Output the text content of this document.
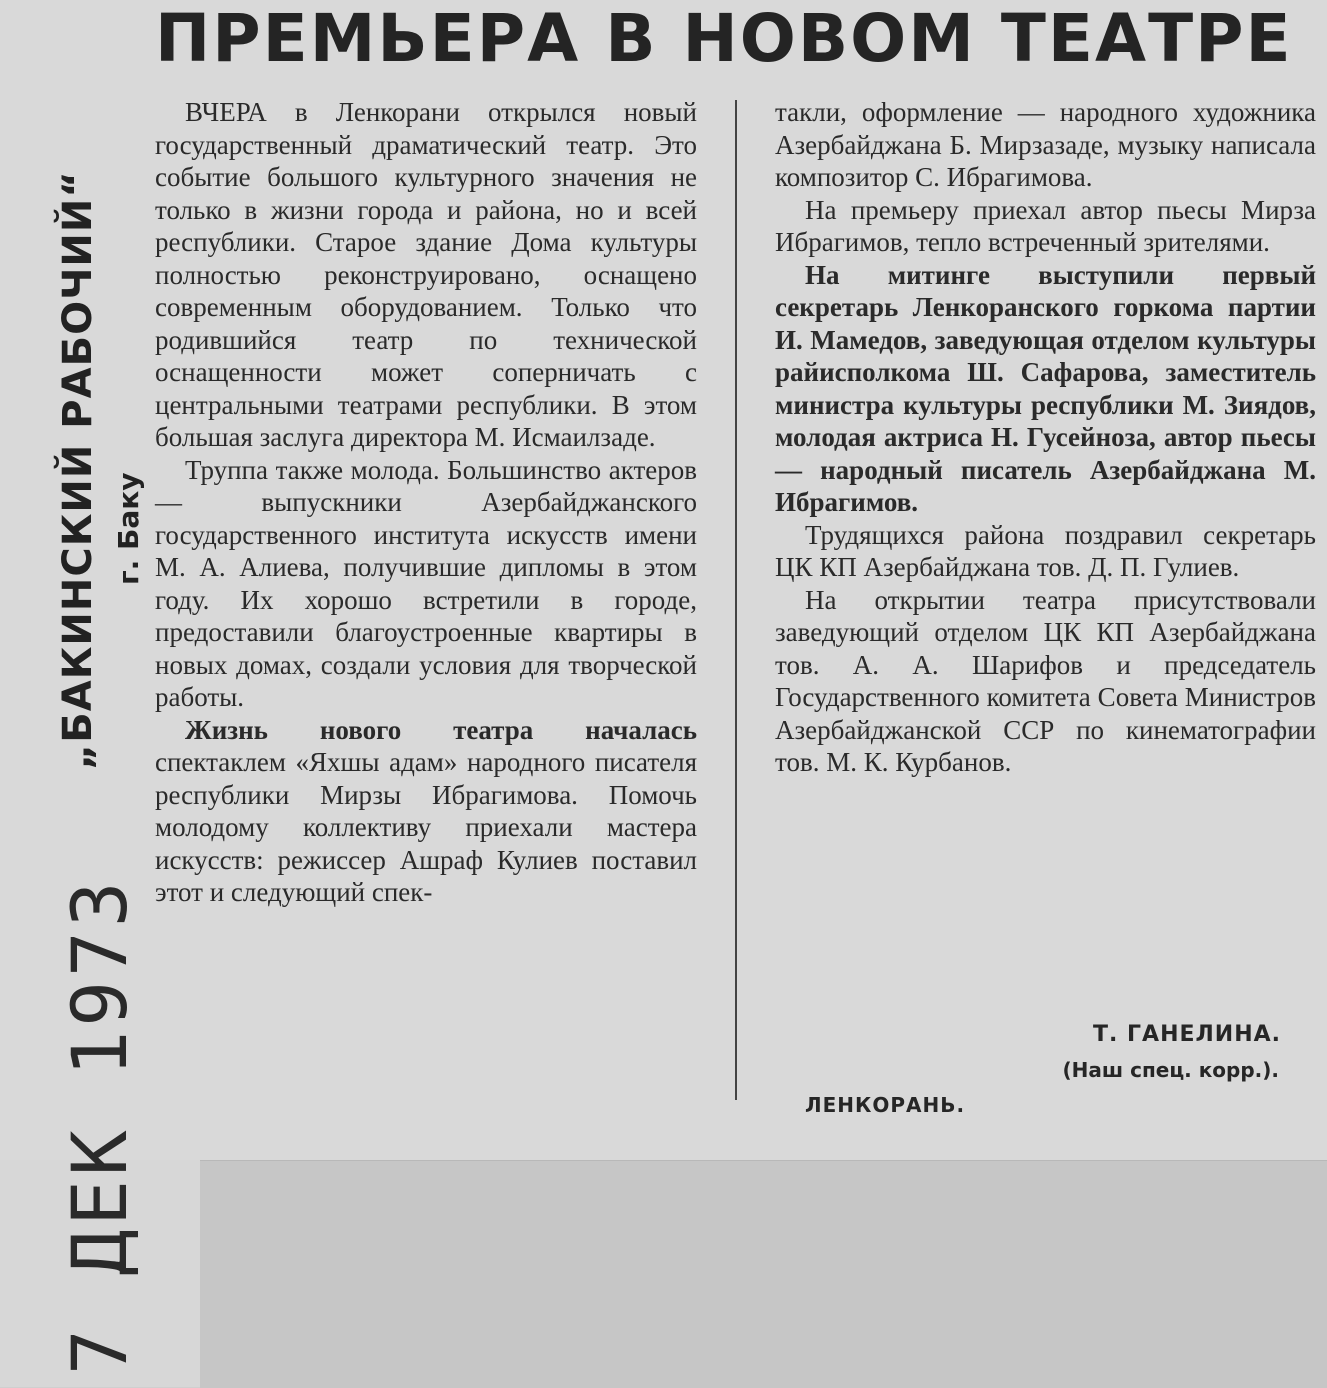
ПРЕМЬЕРА В НОВОМ ТЕАТРЕ

ВЧЕРА в Ленкорани открылся новый государственный драматический театр. Это событие большого культурного значения не только в жизни города и района, но и всей республики. Старое здание Дома культуры полностью реконструировано, оснащено современным оборудованием. Только что родившийся театр по технической оснащенности может соперничать с центральными театрами республики. В этом большая заслуга директора М. Исмаилзаде.

Труппа также молода. Большинство актеров — выпускники Азербайджанского государственного института искусств имени М. А. Алиева, получившие дипломы в этом году. Их хорошо встретили в городе, предоставили благоустроенные квартиры в новых домах, создали условия для творческой работы.

Жизнь нового театра началась спектаклем «Яхшы адам» народного писателя республики Мирзы Ибрагимова. Помочь молодому коллективу приехали мастера искусств: режиссер Ашраф Кулиев поставил этот и следующий спек-

такли, оформление — народного художника Азербайджана Б. Мирзазаде, музыку написала композитор С. Ибрагимова.

На премьеру приехал автор пьесы Мирза Ибрагимов, тепло встреченный зрителями.

На митинге выступили первый секретарь Ленкоранского горкома партии И. Мамедов, заведующая отделом культуры райисполкома Ш. Сафарова, заместитель министра культуры республики М. Зиядов, молодая актриса Н. Гусейноза, автор пьесы — народный писатель Азербайджана М. Ибрагимов.

Трудящихся района поздравил секретарь ЦК КП Азербайджана тов. Д. П. Гулиев.

На открытии театра присутствовали заведующий отделом ЦК КП Азербайджана тов. А. А. Шарифов и председатель Государственного комитета Совета Министров Азербайджанской ССР по кинематографии тов. М. К. Курбанов.

Т. ГАНЕЛИНА.
(Наш спец. корр.).
ЛЕНКОРАНЬ.
„БАКИНСКИЙ РАБОЧИЙ“ г. Баку
7 ДЕК 1973
